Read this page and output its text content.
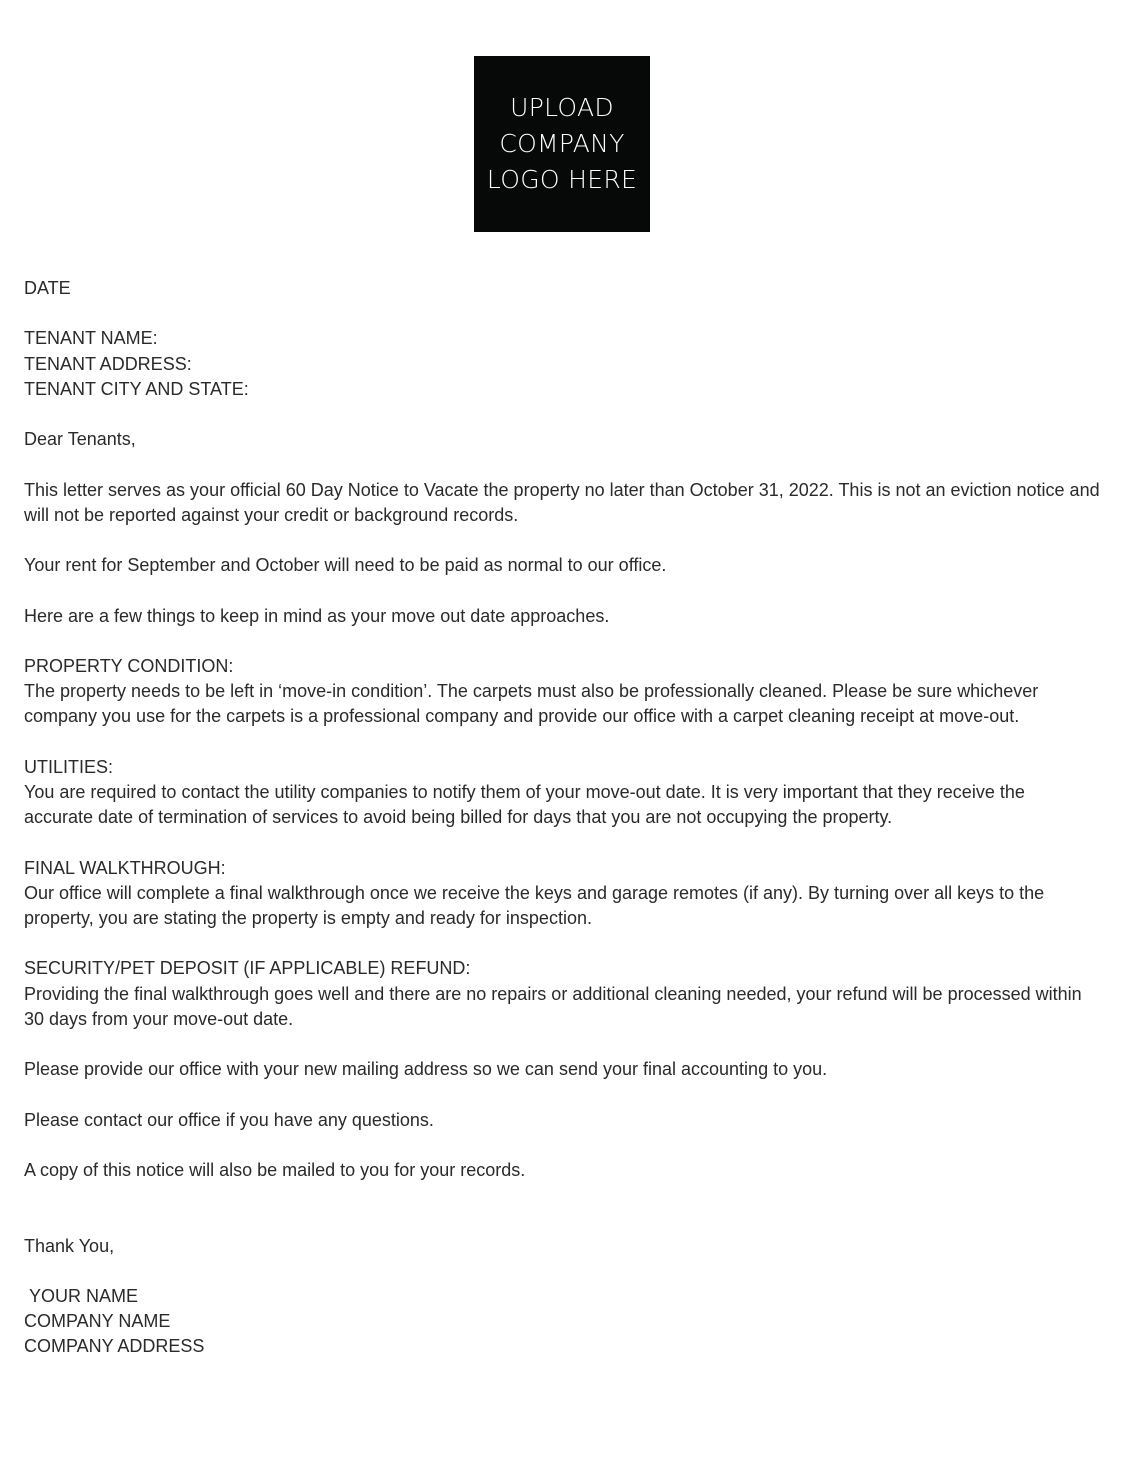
UPLOAD
COMPANY
LOGO HERE
DATE
TENANT NAME:
TENANT ADDRESS:
TENANT CITY AND STATE:
Dear Tenants,
This letter serves as your official 60 Day Notice to Vacate the property no later than October 31, 2022. This is not an eviction notice and will not be reported against your credit or background records.
Your rent for September and October will need to be paid as normal to our office.
Here are a few things to keep in mind as your move out date approaches.
PROPERTY CONDITION:
The property needs to be left in ‘move-in condition’. The carpets must also be professionally cleaned. Please be sure whichever company you use for the carpets is a professional company and provide our office with a carpet cleaning receipt at move-out.
UTILITIES:
You are required to contact the utility companies to notify them of your move-out date. It is very important that they receive the accurate date of termination of services to avoid being billed for days that you are not occupying the property.
FINAL WALKTHROUGH:
Our office will complete a final walkthrough once we receive the keys and garage remotes (if any). By turning over all keys to the property, you are stating the property is empty and ready for inspection.
SECURITY/PET DEPOSIT (IF APPLICABLE) REFUND:
Providing the final walkthrough goes well and there are no repairs or additional cleaning needed, your refund will be processed within 30 days from your move-out date.
Please provide our office with your new mailing address so we can send your final accounting to you.
Please contact our office if you have any questions.
A copy of this notice will also be mailed to you for your records.
Thank You,
YOUR NAME
COMPANY NAME
COMPANY ADDRESS
